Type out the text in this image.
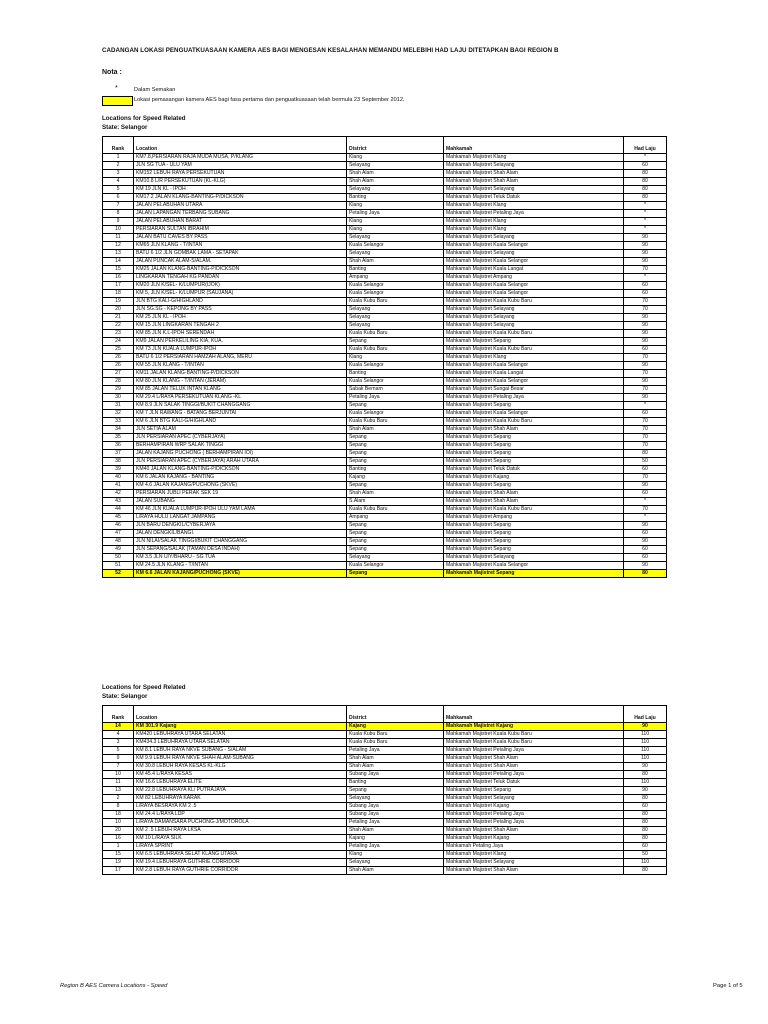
CADANGAN LOKASI PENGUATKUASAAN KAMERA AES BAGI MENGESAN KESALAHAN MEMANDU MELEBIHI HAD LAJU DITETAPKAN BAGI REGION B
Nota :
*	Dalam Semakan
Lokasi pemasangan kamera AES bagi fasa pertama dan penguatkuasaan telah bermula 23 September 2012.
Locations for Speed Related
State: Selangor
Rank	Location	District	Mahkamah	Had Laju
1	KM7.8,PERSIARAN RAJA MUDA MUSA, P/KLANG	Klang	Mahkamah Majistret Klang	*
2	JLN SG TUA - ULU YAM	Selayang	Mahkamah Majistret Selayang	60
3	KM152 LEBUH RAYA PERSEKUTUAN	Shah Alam	Mahkamah Majistret Shah Alam	80
4	KM10.8 L/R PERSEKUTUAN (KL-KLG)	Shah Alam	Mahkamah Majistret Shah Alam	80
5	KM 19 JLN KL - IPOH	Selayang	Mahkamah Majistret Selayang	80
6	KM17.2 JALAN KLANG-BANTING-P/DICKSON	Banting	Mahkamah Majistret Teluk Datuk	80
7	JALAN PELABUHAN UTARA	Klang	Mahkamah Majistret Klang	*
8	JALAN LAPANGAN TERBANG SUBANG	Petaling Jaya	Mahkamah Majistret Petaling Jaya	*
9	JALAN PELABUHAN BARAT	Klang	Mahkamah Majistret Klang	*
10	PERSIARAN SULTAN IBRAHIM	Klang	Mahkamah Majistret Klang	*
11	JALAN BATU CAVES BY PASS	Selayang	Mahkamah Majistret Selayang	90
12	KM65 JLN KLANG - T/INTAN	Kuala Selangor	Mahkamah Majistret Kuala Selangor	90
13	BATU 6 1/2 JLN GOMBAK LAMA - SETAPAK	Selayang	Mahkamah Majistret Selayang	90
14	JALAN PUNCAK ALAM-S/ALAM.	Shah Alam	Mahkamah Majistret Kuala Selangor	90
15	KM25 JALAN KLANG-BANTING-P/DICKSON	Banting	Mahkamah Majistret Kuala Langat	70
16	LINGKARAN TENGAH KG PANDAN	Ampang	Mahkamah Majistret Ampang	*
17	KM20 JLN K/SEL- K/LUMPUR(IJOK)	Kuala Selangor	Mahkamah Majistret Kuala Selangor	60
18	KM 5, JLN K/SEL- K/LUMPUR (SAUJANA)	Kuala Selangor	Mahkamah Majistret Kuala Selangor	60
19	JLN BTG KALI-G/HIGHLAND	Kuala Kubu Baru	Mahkamah Majistret Kuala Kubu Baru	70
20	JLN SG.SG - KEPONG BY PASS	Selayang	Mahkamah Majistret Selayang	70
21	KM 25 JLN KL - IPOH	Selayang	Mahkamah Majistret Selayang	90
22	KM 15 JLN LINGKARAN TENGAH 2	Selayang	Mahkamah Majistret Selayang	90
23	KM 85 JLN K.L-IPOH SERENDAH	Kuala Kubu Baru	Mahkamah Majistret Kuala Kubu Baru	90
24	KM9 JALAN PERKELILING KIA, KUA.	Sepang	Mahkamah Majistret Sepang	90
25	KM 73 JLN KUALA LUMPUR-IPOH	Kuala Kubu Baru	Mahkamah Majistret Kuala Kubu Baru	60
26	BATU 6 1/2 PERSIARAN HAMZAH ALANG, MERU	Klang	Mahkamah Majistret Klang	70
26	KM 55 JLN KLANG - T/INTAN	Kuala Selangor	Mahkamah Majistret Kuala Selangor	90
27	KM11 JALAN KLANG-BANTING-P/DICKSON	Banting	Mahkamah Majistret Kuala Langat	70
28	KM 80 JLN KLANG - T/INTAN (JERAM)	Kuala Selangor	Mahkamah Majistret Kuala Selangor	90
29	KM 85 JALAN TELUK INTAN KLANG	Sabak Bernam	Mahkamah Majistret Sungai Besar	70
30	KM 29.4 L/RAYA PERSEKUTUAN KLANG -KL	Petaling Jaya	Mahkamah Majistret Petaling Jaya	90
31	KM 8.9 JLN SALAK TINGGI/BUKIT CHANGGANG	Sepang	Mahkamah Majistret Sepang	*
32	KM 7 JLN RAWANG - BATANG BERJUNTAI	Kuala Selangor	Mahkamah Majistret Kuala Selangor	60
33	KM 6 JLN BTG KALI-G/HIGHLAND	Kuala Kubu Baru	Mahkamah Majistret Kuala Kubu Baru	70
34	JLN SETIA ALAM	Shah Alam	Mahkamah Majistret Shah Alam	70
35	JLN PERSIARAN APEC (CYBERJAYA)	Sepang	Mahkamah Majistret Sepang	70
36	BERHAMPIRAN WRP SALAK TINGGI	Sepang	Mahkamah Majistret Sepang	70
37	JALAN KAJANG PUCHONG ( BERHAMPIRAN IOI)	Sepang	Mahkamah Majistret Sepang	80
38	JLN PERSIARAN APEC (CYBERJAYA) ARAH UTARA	Sepang	Mahkamah Majistret Sepang	50
39	KM40 JALAN KLANG-BANTING-P/DICKSON	Banting	Mahkamah Majistret Teluk Datuk	60
40	KM 6 JALAN KAJANG - BANTING	Kajang	Mahkamah Majistret Kajang	70
41	KM 4.6 JALAN KAJANG/PUCHONG (SKVE)	Sepang	Mahkamah Majistret Sepang	90
42	PERSIARAN JUBLI PERAK SEK 19	Shah Alam	Mahkamah Majistret Shah Alam	60
43	JALAN SUBANG	S.Alam	Mahkamah Majistret Shah Alam	*
44	KM 46 JLN KUALA LUMPUR-IPOH ULU YAM LAMA	Kuala Kubu Baru	Mahkamah Majistret Kuala Kubu Baru	70
45	L/RAYA HULU LANGAT JAMPANG	Ampang	Mahkamah Majistret Ampang	*
46	JLN BARU DENGKIL/CYBERJAYA	Sepang	Mahkamah Majistret Sepang	90
47	JALAN DENGKIL/BANGI.	Sepang	Mahkamah Majistret Sepang	60
48	JLN NILAI/SALAK TINGGI/BUKIT CHANGGANG	Sepang	Mahkamah Majistret Sepang	90
49	JLN SEPANG/SALAK (TAMAN DESA INDAH)	Sepang	Mahkamah Majistret Sepang	60
50	KM 3.5 JLN U/Y/BHARU - SG TUA	Selayang	Mahkamah Majistret Selayang	60
51	KM 24.5 JLN KLANG - T/INTAN	Kuala Selangor	Mahkamah Majistret Kuala Selangor	90
52	KM 6.6 JALAN KAJANG/PUCHONG (SKVE)	Sepang	Mahkamah Majistret Sepang	80
Locations for Speed Related
State: Selangor
Rank	Location	District	Mahkamah	Had Laju
14	KM 301.9 Kajang	Kajang	Mahkamah Majistret Kajang	90
4	KM420 LEBUHRAYA UTARA SELATAN	Kuala Kubu Baru	Mahkamah Majistret Kuala Kubu Baru	110
3	KM434.3 LEBUHRAYA UTARA SELATAN	Kuala Kubu Baru	Mahkamah Majistret Kuala Kubu Baru	110
5	KM 8.1 LEBUH RAYA NKVE SUBANG - S/ALAM	Petaling Jaya	Mahkamah Majistret Petaling Jaya	110
9	KM 9.9 LEBUH RAYA NKVE SHAH ALAM-SUBANG	Shah Alam	Mahkamah Majistret Shah Alam	110
7	KM 30.8 LEBUH RAYA KESAS KL-KLG	Shah Alam	Mahkamah Majistret Shah Alam	90
10	KM 45.4 L/RAYA KESAS	Subang Jaya	Mahkamah Majistret Petaling Jaya	80
11	KM 16.6 LEBUHRAYA ELITE	Banting	Mahkamah Majistret Teluk Datuk	110
13	KM 22.8 LEBUHRAYA KL/ PUTRAJAYA	Sepang	Mahkamah Majistret Sepang	90
2	KM 82 LEBUHRAYA KARAK	Selayang	Mahkamah Majistret Selayang	80
8	L/RAYA BESRAYA KM 2 .5	Subang Jaya	Mahkamah Majistret Kajang	60
18	KM 24.4 L/RAYA LDP	Subang Jaya	Mahkamah Majistret Petaling Jaya	80
10	L/RAYA DAMANSARA PUCHONG-J/MOTOROLA	Petaling Jaya	Mahkamah Majistret Petaling Jaya	80
20	KM 2 .5 LEBUH RAYA LKSA	Shah Alam	Mahkamah Majistret Shah Alam	80
16	KM 10 L/RAYA SILK	Kajang	Mahkamah Majistret Kajang	80
1	L/RAYA SPRINT	Petaling Jaya	Mahkamah Petaling Jaya	60
15	KM 6.5 LEBUHRAYA SELAT KLANG UTARA	Klang	Mahkamah Majistret Klang	50
19	KM 19.4 LEBUHRAYA GUTHRIE CORRIDOR	Selayang	Mahkamah Majistret Selayang	110
17	KM 2.8 LEBUH RAYA GUTHRIE CORRIDOR	Shah Alam	Mahkamah Majistret Shah Alam	80
Region B AES Camera Locations - Speed	Page 1 of 5
